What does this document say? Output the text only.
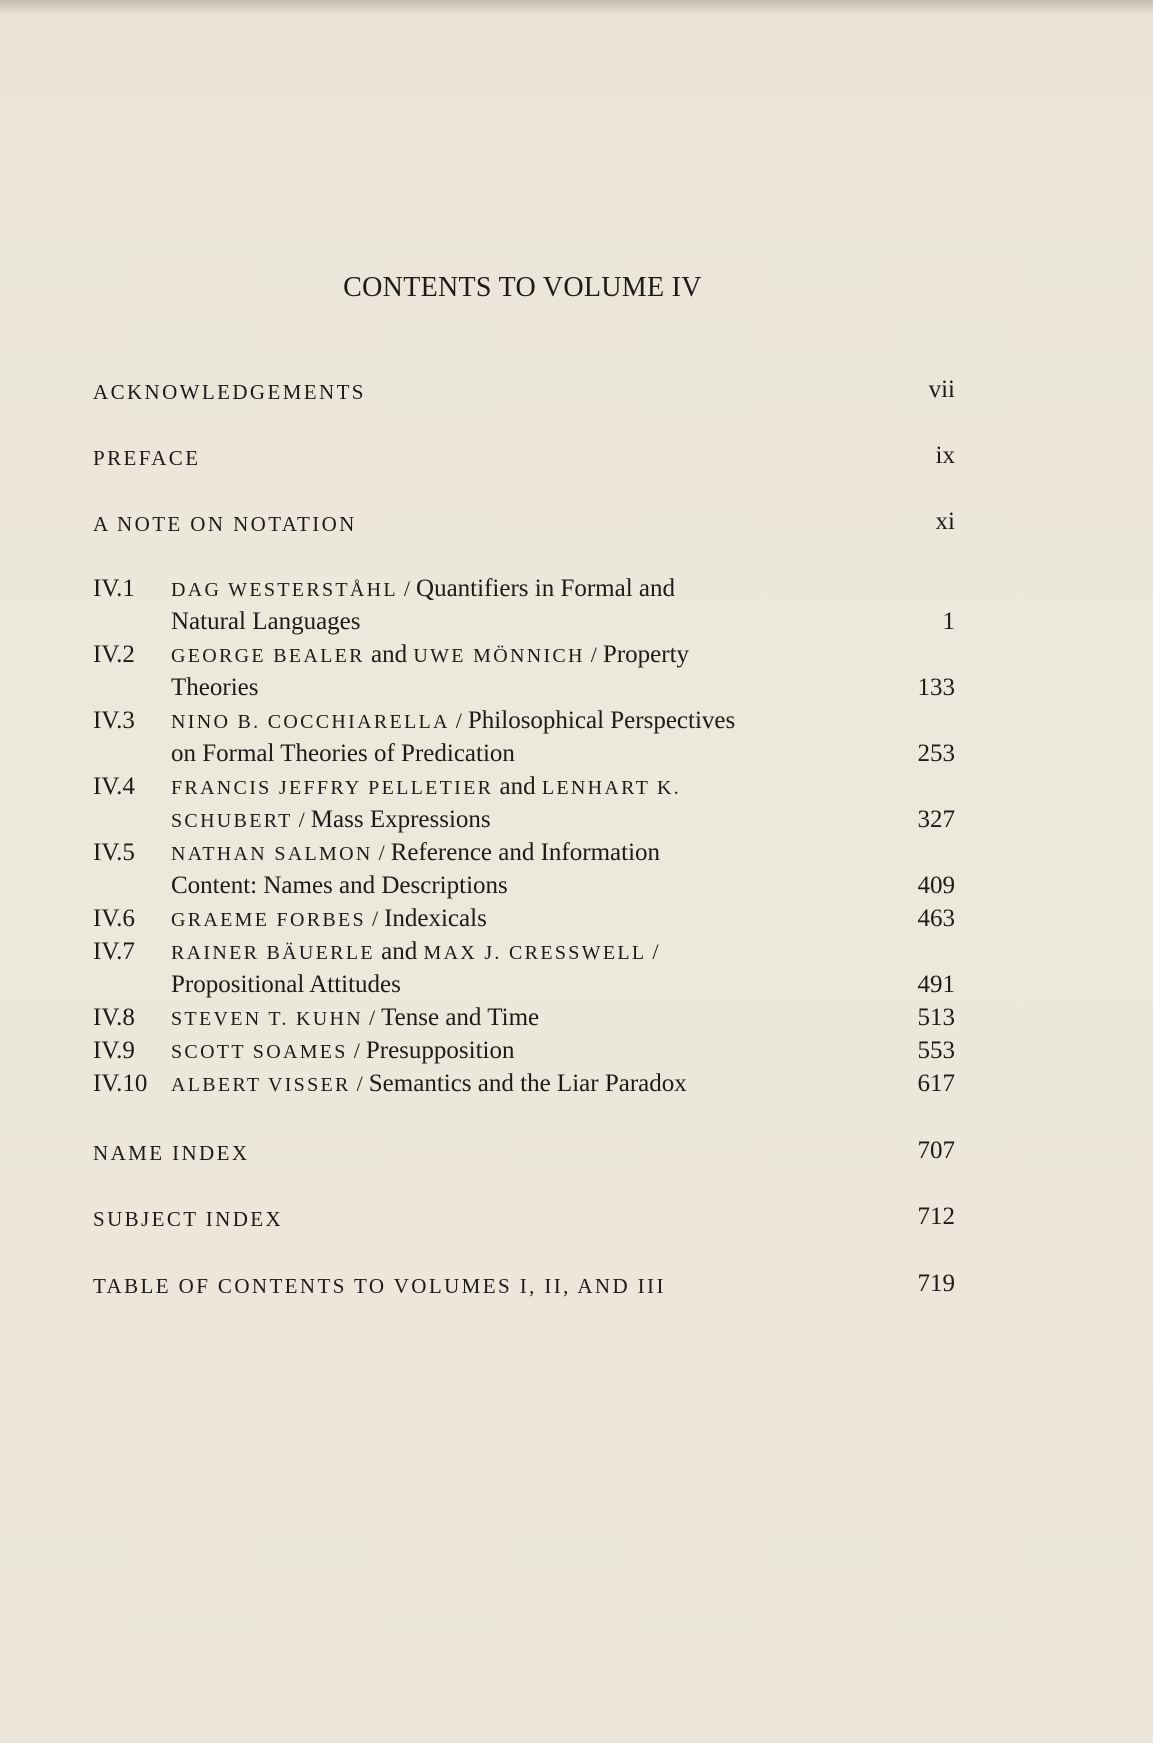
CONTENTS TO VOLUME IV
ACKNOWLEDGEMENTS	vii
PREFACE	ix
A NOTE ON NOTATION	xi
IV.1 DAG WESTERSTÅHL / Quantifiers in Formal and
Natural Languages	1
IV.2 GEORGE BEALER and UWE MÖNNICH / Property
Theories	133
IV.3 NINO B. COCCHIARELLA / Philosophical Perspectives
on Formal Theories of Predication	253
IV.4 FRANCIS JEFFRY PELLETIER and LENHART K.
SCHUBERT / Mass Expressions	327
IV.5 NATHAN SALMON / Reference and Information
Content: Names and Descriptions	409
IV.6 GRAEME FORBES / Indexicals	463
IV.7 RAINER BÄUERLE and MAX J. CRESSWELL /
Propositional Attitudes	491
IV.8 STEVEN T. KUHN / Tense and Time	513
IV.9 SCOTT SOAMES / Presupposition	553
IV.10 ALBERT VISSER / Semantics and the Liar Paradox	617
NAME INDEX	707
SUBJECT INDEX	712
TABLE OF CONTENTS TO VOLUMES I, II, AND III	719
